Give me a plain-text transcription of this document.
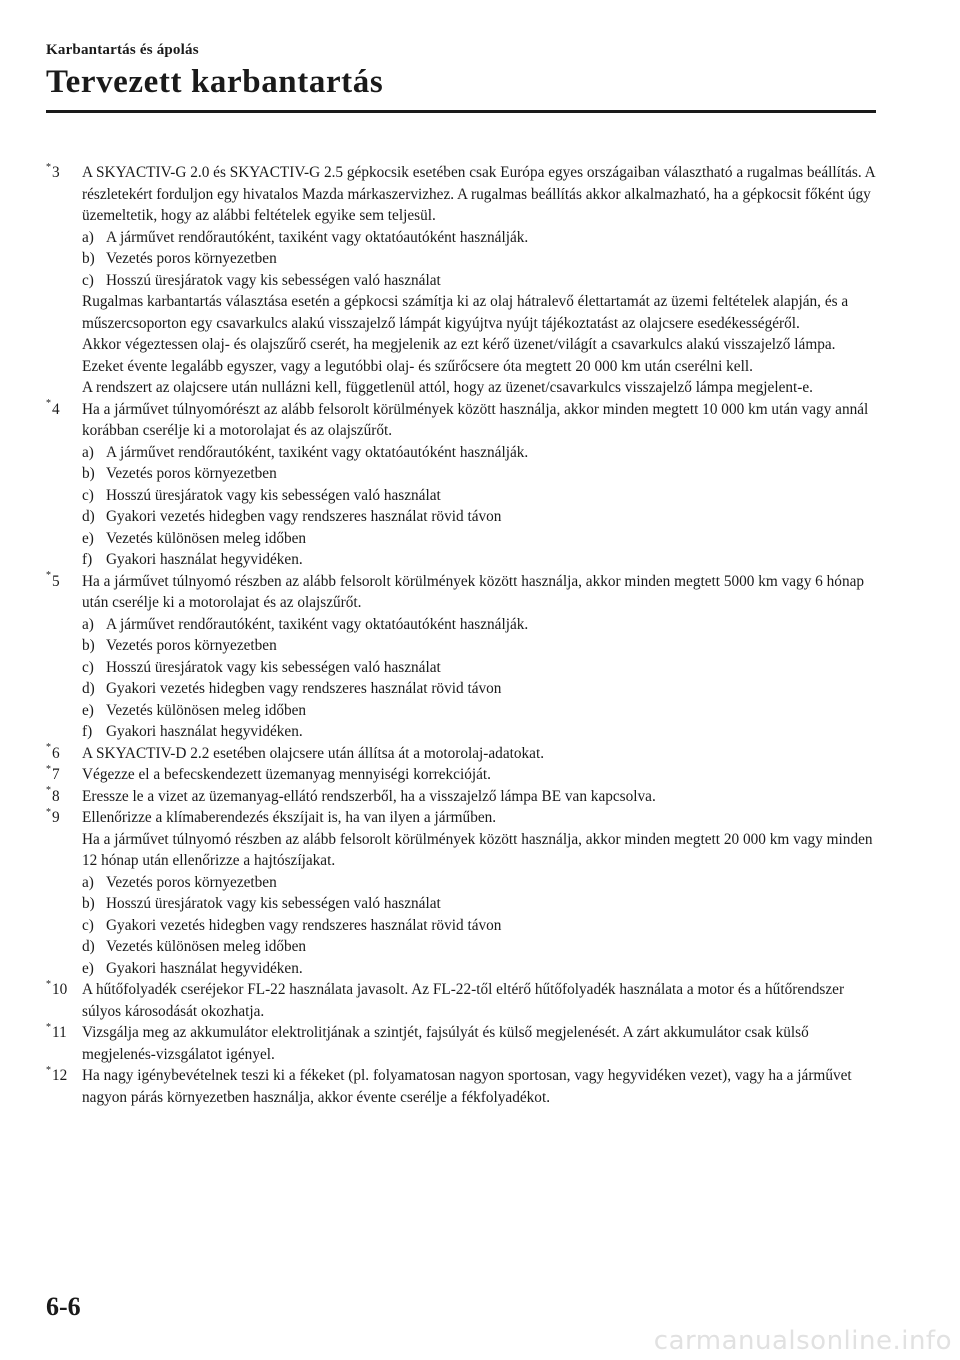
Karbantartás és ápolás
Tervezett karbantartás
*3 A SKYACTIV-G 2.0 és SKYACTIV-G 2.5 gépkocsik esetében csak Európa egyes országaiban választható a rugalmas beállítás. A részletekért forduljon egy hivatalos Mazda márkaszervizhez. A rugalmas beállítás akkor alkalmazható, ha a gépkocsit főként úgy üzemeltetik, hogy az alábbi feltételek egyike sem teljesül.

a) A járművet rendőrautóként, taxiként vagy oktatóautóként használják.
b) Vezetés poros környezetben
c) Hosszú üresjáratok vagy kis sebességen való használat

Rugalmas karbantartás választása esetén a gépkocsi számítja ki az olaj hátralevő élettartamát az üzemi feltételek alapján, és a műszercsoporton egy csavarkulcs alakú visszajelző lámpát kigyújtva nyújt tájékoztatást az olajcsere esedékességéről.

Akkor végeztessen olaj- és olajszűrő cserét, ha megjelenik az ezt kérő üzenet/világít a csavarkulcs alakú visszajelző lámpa. Ezeket évente legalább egyszer, vagy a legutóbbi olaj- és szűrőcsere óta megtett 20 000 km után cserélni kell.

A rendszert az olajcsere után nullázni kell, függetlenül attól, hogy az üzenet/csavarkulcs visszajelző lámpa megjelent-e.

*4 Ha a járművet túlnyomórészt az alább felsorolt körülmények között használja, akkor minden megtett 10 000 km után vagy annál korábban cserélje ki a motorolajat és az olajszűrőt.

a) A járművet rendőrautóként, taxiként vagy oktatóautóként használják.
b) Vezetés poros környezetben
c) Hosszú üresjáratok vagy kis sebességen való használat
d) Gyakori vezetés hidegben vagy rendszeres használat rövid távon
e) Vezetés különösen meleg időben
f) Gyakori használat hegyvidéken.
*5 Ha a járművet túlnyomó részben az alább felsorolt körülmények között használja, akkor minden megtett 5000 km vagy 6 hónap után cserélje ki a motorolajat és az olajszűrőt.

a) A járművet rendőrautóként, taxiként vagy oktatóautóként használják.
b) Vezetés poros környezetben
c) Hosszú üresjáratok vagy kis sebességen való használat
d) Gyakori vezetés hidegben vagy rendszeres használat rövid távon
e) Vezetés különösen meleg időben
f) Gyakori használat hegyvidéken.
*6 A SKYACTIV-D 2.2 esetében olajcsere után állítsa át a motorolaj-adatokat.

*7 Végezze el a befecskendezett üzemanyag mennyiségi korrekcióját.

*8 Eressze le a vizet az üzemanyag-ellátó rendszerből, ha a visszajelző lámpa BE van kapcsolva.

*9 Ellenőrizze a klímaberendezés ékszíjait is, ha van ilyen a járműben.

Ha a járművet túlnyomó részben az alább felsorolt körülmények között használja, akkor minden megtett 20 000 km vagy minden 12 hónap után ellenőrizze a hajtószíjakat.

a) Vezetés poros környezetben
b) Hosszú üresjáratok vagy kis sebességen való használat
c) Gyakori vezetés hidegben vagy rendszeres használat rövid távon
d) Vezetés különösen meleg időben
e) Gyakori használat hegyvidéken.
*10 A hűtőfolyadék cseréjekor FL-22 használata javasolt. Az FL-22-től eltérő hűtőfolyadék használata a motor és a hűtőrendszer súlyos károsodását okozhatja.

*11 Vizsgálja meg az akkumulátor elektrolitjának a szintjét, fajsúlyát és külső megjelenését. A zárt akkumulátor csak külső megjelenés-vizsgálatot igényel.

*12 Ha nagy igénybevételnek teszi ki a fékeket (pl. folyamatosan nagyon sportosan, vagy hegyvidéken vezet), vagy ha a járművet nagyon párás környezetben használja, akkor évente cserélje a fékfolyadékot.

6-6
carmanualsonline.info
